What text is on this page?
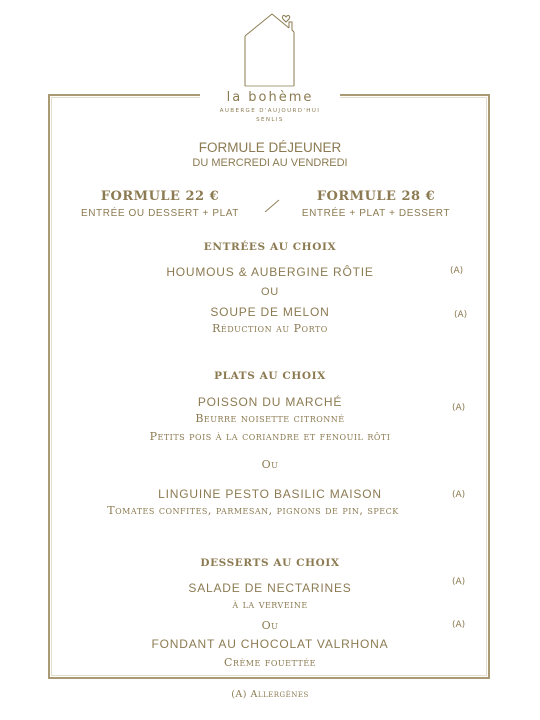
la bohème
AUBERGE D'AUJOURD'HUI
SENLIS
FORMULE DÉJEUNER
DU MERCREDI AU VENDREDI
FORMULE 22 €
ENTRÉE OU DESSERT + PLAT
FORMULE 28 €
ENTRÉE + PLAT + DESSERT
ENTRÉES AU CHOIX
HOUMOUS & AUBERGINE RÔTIE	(A)
OU
SOUPE DE MELON	(A)
Réduction au Porto
PLATS AU CHOIX
POISSON DU MARCHÉ	(A)
Beurre noisette citronné
Petits pois à la coriandre et fenouil rôti
Ou
LINGUINE PESTO BASILIC MAISON	(A)
Tomates confites, parmesan, pignons de pin, speck
DESSERTS AU CHOIX
SALADE DE NECTARINES	(A)
à la verveine
Ou	(A)
FONDANT AU CHOCOLAT VALRHONA
Crème fouettée
(A) Allergènes
